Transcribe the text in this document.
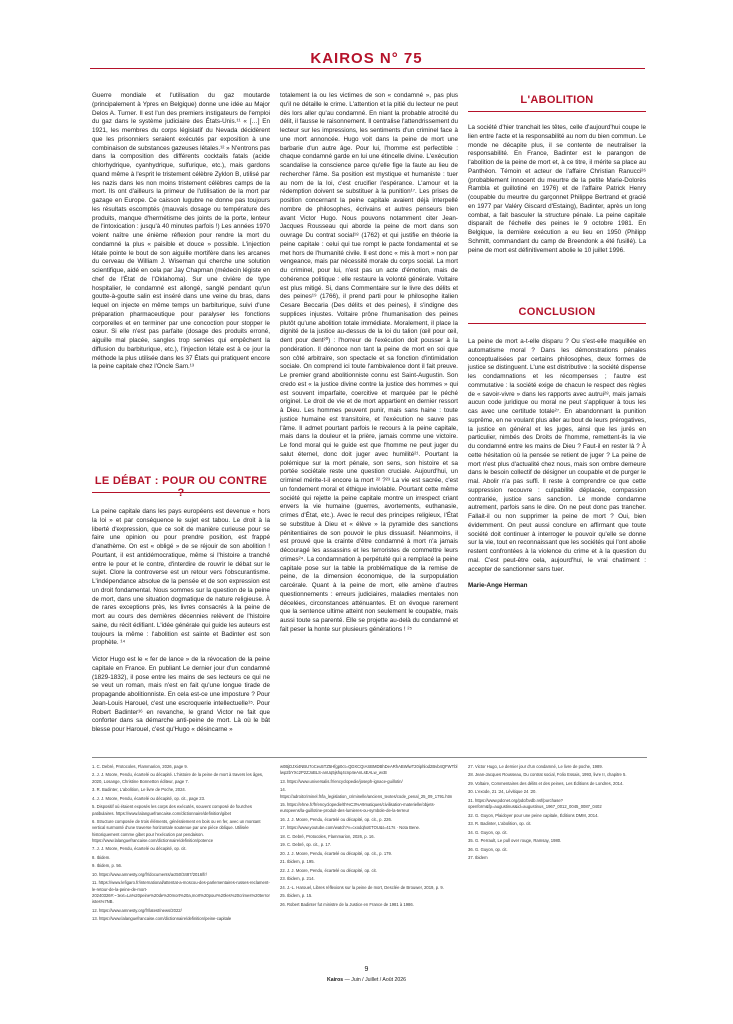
KAIROS N° 75

Guerre mondiale et l'utilisation du gaz moutarde (principalement à Ypres en Belgique) donne une idée au Major Delos A. Turner. Il est l'un des premiers instigateurs de l'emploi du gaz dans le système judiciaire des États-Unis.¹¹ « […] En 1921, les membres du corps législatif du Nevada décidèrent que les prisonniers seraient exécutés par exposition à une combinaison de substances gazeuses létales.¹² » N'entrons pas dans la composition des différents cocktails fatals (acide chlorhydrique, cyanhydrique, sulfurique, etc.), mais gardons quand même à l'esprit le tristement célèbre Zyklon B, utilisé par les nazis dans les non moins tristement célèbres camps de la mort. Ils ont d'ailleurs la primeur de l'utilisation de la mort par gazage en Europe. Ce caisson lugubre ne donne pas toujours les résultats escomptés (mauvais dosage ou température des produits, manque d'hermétisme des joints de la porte, lenteur de l'intoxication : jusqu'à 40 minutes parfois !) Les années 1970 voient naître une énième réflexion pour rendre la mort du condamné la plus « paisible et douce » possible. L'injection létale pointe le bout de son aiguille mortifère dans les arcanes du cerveau de William J. Wiseman qui cherche une solution scientifique, aidé en cela par Jay Chapman (médecin légiste en chef de l'État de l'Oklahoma). Sur une civière de type hospitalier, le condamné est allongé, sanglé pendant qu'un goutte-à-goutte salin est inséré dans une veine du bras, dans lequel on injecte en même temps un barbiturique, suivi d'une préparation pharmaceutique pour paralyser les fonctions corporelles et en terminer par une concoction pour stopper le cœur. Si elle n'est pas parfaite (dosage des produits erroné, aiguille mal placée, sangles trop serrées qui empêchent la diffusion du barbiturique, etc.), l'injection létale est à ce jour la méthode la plus utilisée dans les 37 États qui pratiquent encore la peine capitale chez l'Oncle Sam.¹³

LE DÉBAT : POUR OU CONTRE ?

La peine capitale dans les pays européens est devenue « hors la loi » et par conséquence le sujet est tabou. Le droit à la liberté d'expression, que ce soit de manière curieuse pour se faire une opinion ou pour prendre position, est frappé d'anathème. On est « obligé » de se réjouir de son abolition ! Pourtant, il est antidémocratique, même si l'histoire a tranché entre le pour et le contre, d'interdire de rouvrir le débat sur le sujet. Clore la controverse est un retour vers l'obscurantisme. L'indépendance absolue de la pensée et de son expression est un droit fondamental. Nous sommes sur la question de la peine de mort, dans une situation dogmatique de nature religieuse. À de rares exceptions près, les livres consacrés à la peine de mort au cours des dernières décennies relèvent de l'histoire saine, du récit édifiant. L'idée générale qui guide les auteurs est toujours la même : l'abolition est sainte et Badinter est son prophète. ¹⁴

Victor Hugo est le « fer de lance » de la révocation de la peine capitale en France. En publiant Le dernier jour d'un condamné (1829-1832), il pose entre les mains de ses lecteurs ce qui ne se veut un roman, mais n'est en fait qu'une longue tirade de propagande abolitionniste. En cela est-ce une imposture ? Pour Jean-Louis Harouel, c'est une escroquerie intellectuelle¹⁵. Pour Robert Badinter¹⁶ en revanche, le grand Victor ne fait que conforter dans sa démarche anti-peine de mort. Là où le bât blesse pour Harouel, c'est qu'Hugo « désincarne »

totalement la ou les victimes de son « condamné », pas plus qu'il ne détaille le crime. L'attention et la pitié du lecteur ne peut dès lors aller qu'au condamné. En niant la probable atrocité du délit, il fausse le raisonnement. Il centralise l'attendrissement du lecteur sur les impressions, les sentiments d'un criminel face à une mort annoncée. Hugo voit dans la peine de mort une barbarie d'un autre âge. Pour lui, l'homme est perfectible : chaque condamné garde en lui une étincelle divine. L'exécution scandalise la conscience parce qu'elle fige la faute au lieu de rechercher l'âme. Sa position est mystique et humaniste : tuer au nom de la loi, c'est crucifier l'espérance. L'amour et la rédemption doivent se substituer à la punition¹⁷. Les prises de position concernant la peine capitale avaient déjà interpellé nombre de philosophes, écrivains et autres penseurs bien avant Victor Hugo. Nous pouvons notamment citer Jean-Jacques Rousseau qui aborde la peine de mort dans son ouvrage Du contrat social¹⁸ (1762) et qui justifie en théorie la peine capitale : celui qui tue rompt le pacte fondamental et se met hors de l'humanité civile. Il est donc « mis à mort » non par vengeance, mais par nécessité morale du corps social. La mort du criminel, pour lui, n'est pas un acte d'émotion, mais de cohérence politique : elle restaure la volonté générale. Voltaire est plus mitigé. Si, dans Commentaire sur le livre des délits et des peines¹⁹ (1766), il prend parti pour le philosophe italien Cesare Beccaria (Des délits et des peines), il s'indigne des supplices injustes. Voltaire prône l'humanisation des peines plutôt qu'une abolition totale immédiate. Moralement, il place la dignité de la justice au-dessus de la loi du talion (œil pour œil, dent pour dent²⁰) : l'horreur de l'exécution doit pousser à la pondération. Il dénonce non tant la peine de mort en soi que son côté arbitraire, son spectacle et sa fonction d'intimidation sociale. On comprend ici toute l'ambivalence dont il fait preuve. Le premier grand abolitionniste connu est Saint-Augustin. Son credo est « la justice divine contre la justice des hommes » qui est souvent imparfaite, coercitive et marquée par le péché originel. Le droit de vie et de mort appartient en dernier ressort à Dieu. Les hommes peuvent punir, mais sans haine : toute justice humaine est transitoire, et l'exécution ne sauve pas l'âme. Il admet pourtant parfois le recours à la peine capitale, mais dans la douleur et la prière, jamais comme une victoire. Le fond moral qui le guide est que l'homme ne peut juger du salut éternel, donc doit juger avec humilité²¹. Pourtant la polémique sur la mort pénale, son sens, son histoire et sa portée sociétale reste une question cruciale. Aujourd'hui, un criminel mérite-t-il encore la mort ²² ?²³ La vie est sacrée, c'est un fondement moral et éthique inviolable. Pourtant cette même société qui rejette la peine capitale montre un irrespect criant envers la vie humaine (guerres, avortements, euthanasie, crimes d'État, etc.). Avec le recul des principes religieux, l'État se substitue à Dieu et « élève » la pyramide des sanctions pénitentiaires de son pouvoir le plus dissuasif. Néanmoins, il est prouvé que la crainte d'être condamné à mort n'a jamais découragé les assassins et les terroristes de commettre leurs crimes²⁴. La condamnation à perpétuité qui a remplacé la peine capitale pose sur la table la problématique de la remise de peine, de la dimension économique, de la surpopulation carcérale. Quant à la peine de mort, elle amène d'autres questionnements : erreurs judiciaires, maladies mentales non décelées, circonstances atténuantes. Et on évoque rarement que la sentence ultime atteint non seulement le coupable, mais aussi toute sa parenté. Elle se projette au-delà du condamné et fait peser la honte sur plusieurs générations ! ²⁵

L'ABOLITION

La société d'hier tranchait les têtes, celle d'aujourd'hui coupe le lien entre l'acte et la responsabilité au nom du bien commun. Le monde ne décapite plus, il se contente de neutraliser la responsabilité. En France, Badinter est le parangon de l'abolition de la peine de mort et, à ce titre, il mérite sa place au Panthéon. Témoin et acteur de l'affaire Christian Ranucci²⁶ (probablement innocent du meurtre de la petite Marie-Dolorès Rambla et guillotiné en 1976) et de l'affaire Patrick Henry (coupable du meurtre du garçonnet Philippe Bertrand et gracié en 1977 par Valéry Giscard d'Estaing), Badinter, après un long combat, a fait basculer la structure pénale. La peine capitale disparaît de l'échelle des peines le 9 octobre 1981. En Belgique, la dernière exécution a eu lieu en 1950 (Philipp Schmitt, commandant du camp de Breendonk a été fusillé). La peine de mort est définitivement abolie le 10 juillet 1996.

CONCLUSION

La peine de mort a-t-elle disparu ? Ou s'est-elle maquillée en automatisme moral ? Dans les démonstrations pénales conceptualisées par certains philosophes, deux formes de justice se distinguent. L'une est distributive : la société dispense les condamnations et les récompenses ; l'autre est commutative : la société exige de chacun le respect des règles de « savoir-vivre » dans les rapports avec autrui²⁸, mais jamais aucun code juridique ou moral ne peut s'appliquer à tous les cas avec une certitude totale²⁷. En abandonnant la punition suprême, en ne voulant plus aller au bout de leurs prérogatives, la justice en général et les juges, ainsi que les jurés en particulier, nimbés des Droits de l'homme, remettent-ils la vie du condamné entre les mains de Dieu ? Faut-il en rester là ? À cette hésitation où la pensée se retient de juger ? La peine de mort n'est plus d'actualité chez nous, mais son ombre demeure dans le besoin collectif de désigner un coupable et de purger le mal. Abolir n'a pas suffi. Il reste à comprendre ce que cette suppression recouvre : culpabilité déplacée, compassion contrariée, justice sans sanction. Le monde condamne autrement, parfois sans le dire. On ne peut donc pas trancher. Fallait-il ou non supprimer la peine de mort ? Oui, bien évidemment. On peut aussi conclure en affirmant que toute société doit continuer à interroger le pouvoir qu'elle se donne sur la vie, tout en reconnaissant que les sociétés qui l'ont abolie restent confrontées à la violence du crime et à la question du mal. C'est peut-être cela, aujourd'hui, le vrai chatiment : accepter de sanctionner sans tuer.

Marie-Ange Herman

1. C. Debré, Protocoles, Flammarion, 2026, page 9.
2. J. J. Moore, Pendu, écartelé ou décapité. L'histoire de la peine de mort à travers les âges, 2020, Losange, Christine Bonnetton éditeur, page 7.
3. R. Badinter, L'abolition, Le livre de Poche, 2024.
4. J. J. Moore, Pendu, écartelé ou décapité, op. cit., page 23.
5. Dispositif où étaient exposés les corps des exécutés, souvent composé de fourches patibulaires. https://www.lalanguefrancaise.com/dictionnaire/definition/gibet
6. Structure composée de trois éléments, généralement en bois ou en fer, avec un montant vertical surmonté d'une traverse horizontale soutenue par une pièce oblique. Utilisée historiquement comme gibet pour l'exécution par pendaison. https://www.lalanguefrancaise.com/dictionnaire/definition/potence
7. J. J. Moore, Pendu, écartelé ou décapité, op. cit.
8. Ibidem.
9. Ibidem, p. 56.
10. https://www.amnesty.org/fr/documents/act50/3487/2016/fr/
11. https://www.lefigaro.fr/international/attentat-a-moscou-des-parlementaires-russes-reclament-le-retour-de-la-peine-de-mort-20240326#:~:text=La%20peine%20de%20mort%20a,mort%20pour%20les%20crimes%20terroristes%7NB.
12. https://www.amnesty.org/fr/latest/news/2022/
13. https://www.lalanguefrancaise.com/dictionnaire/definition/peine-capitale
w0BjDJXi4NBU7oCeu5TZ5Hfgp0ct=QDXCQIASBMDBhDeARhABWlwT20iphlod2Bvb4QFWTbllwp2bYXc2P2ZJoBLS-anUq5jshq4cnp4eAnLsEALw_wcB
13. https://www.universalis.fr/encyclopedie/joseph-ignace-guillotin/
14. https://adroitcriminel.fr/la_legislation_criminelle/anciens_textes/code_penal_25_09_1791.htm
15. https://ehne.fr/fr/encyclopedie/th%C3%A9matiques/civilisation-materielle/objets-europeens/la-guillotine-produit-des-lumieres-ou-symbole-de-la-terreur
16. J. J. Moore, Pendu, écartelé ou décapité, op. cit., p. 226.
17. https://www.youtube.com/watch?v=cxodqhoETOU&t=417s · Nota Bene.
18. C. Debré, Protocoles, Flammarion, 2026, p. 16.
19. C. Debré, op. cit., p. 17.
20. J. J. Moore, Pendu, écartelé ou décapité, op. cit., p. 179.
21. Ibidem, p. 195.
22. J. J. Moore, Pendu, écartelé ou décapité, op. cit.
23. Ibidem, p. 214.
24. J.-L. Harouel, Libres réflexions sur la peine de mort, Desclée de Brouwer, 2019, p. 9.
25. Ibidem, p. 15.
26. Robert Badinter fut ministre de la Justice en France de 1981 à 1986.
27. Victor Hugo, Le dernier jour d'un condamné, Le livre de poche, 1989.
28. Jean-Jacques Rousseau, Du contrat social, Folio Essais, 1993, livre II, chapitre 5.
29. Voltaire, Commentaires des délits et des peines, Les Éditions de Londres, 2014.
30. L'exode, 21 :24, Lévitique 24 :20.
31. https://www.pdcnet.org/pdc/bvdb.nsf/purchase?openform&fp=augustinus&id=augustinus_1967_0012_0045_0087_0402
32. G. Guyon, Plaidoyer pour une peine capitale, Éditions DMM, 2014.
33. R. Badinter, L'abolition, op. cit.
34. G. Guyon, op. cit.
35. G. Perrault, Le pull over rouge, Ramsay, 1980.
36. G. Guyon, op. cit.
37. Ibidem
9
Kairos — Juin / Juillet / Août 2026
